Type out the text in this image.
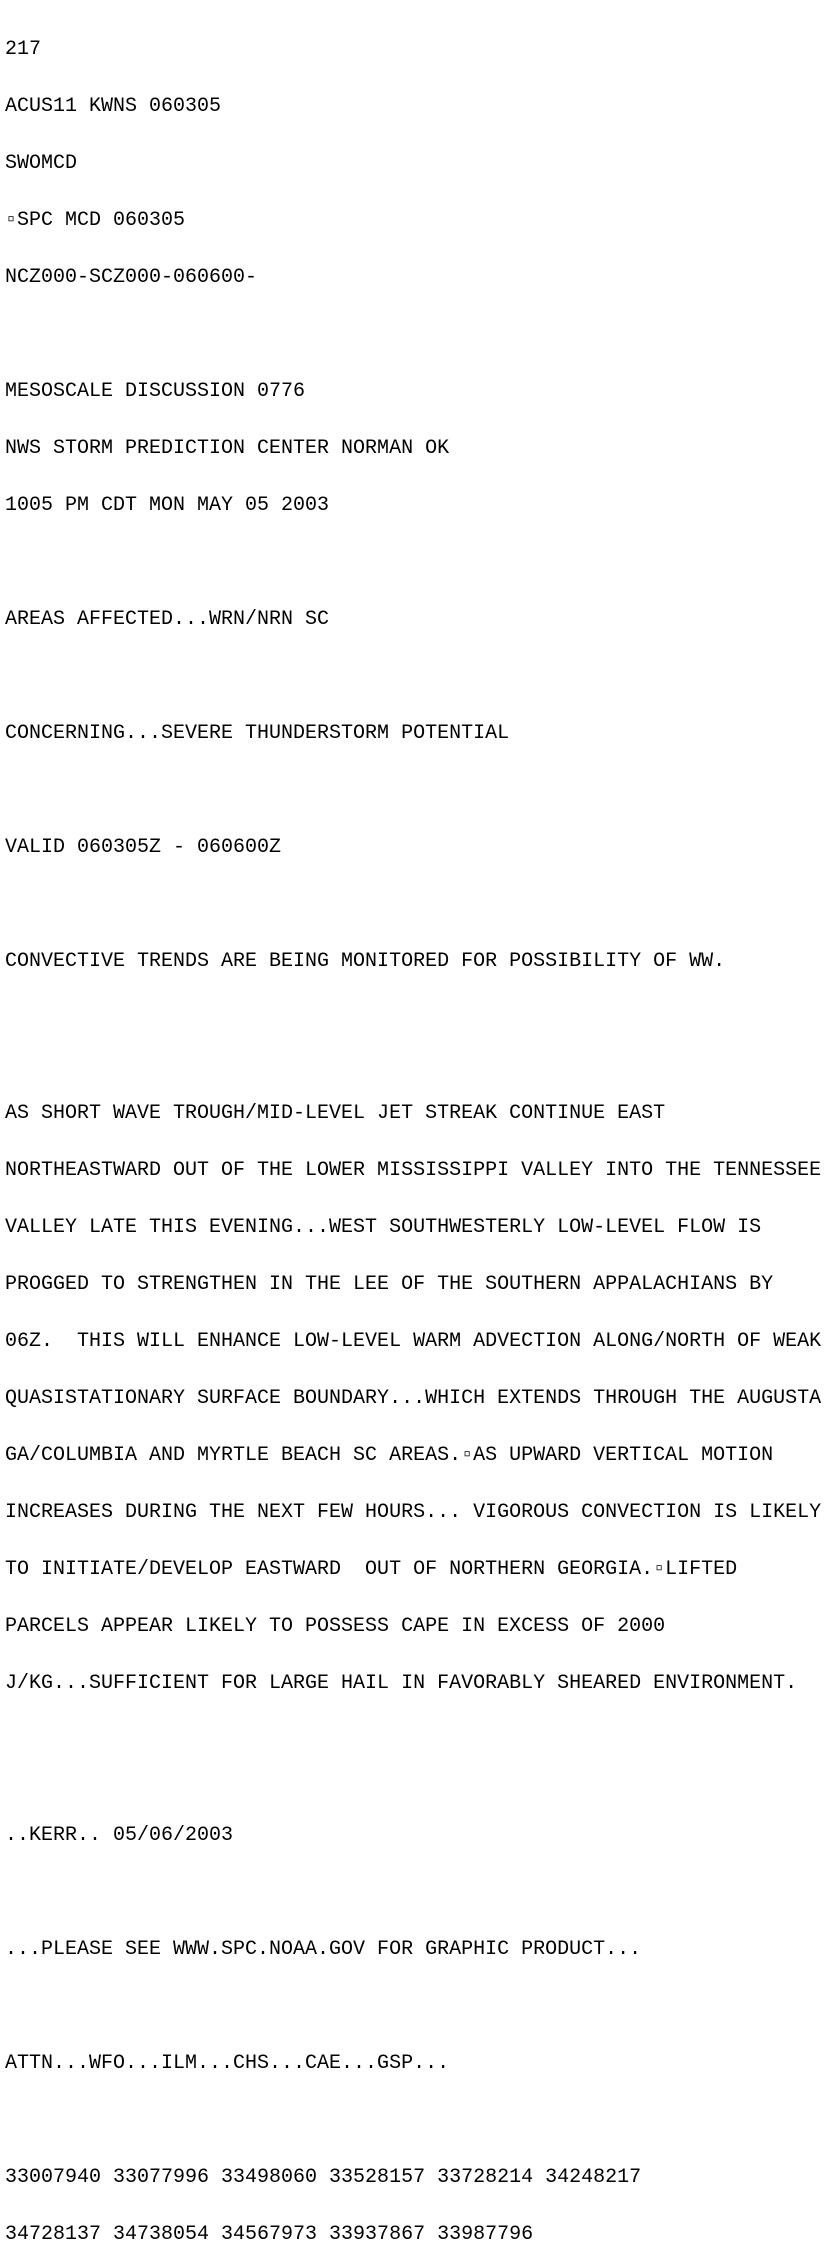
217

ACUS11 KWNS 060305

SWOMCD

▫SPC MCD 060305

NCZ000-SCZ000-060600-

MESOSCALE DISCUSSION 0776

NWS STORM PREDICTION CENTER NORMAN OK

1005 PM CDT MON MAY 05 2003

AREAS AFFECTED...WRN/NRN SC

CONCERNING...SEVERE THUNDERSTORM POTENTIAL

VALID 060305Z - 060600Z

CONVECTIVE TRENDS ARE BEING MONITORED FOR POSSIBILITY OF WW.

AS SHORT WAVE TROUGH/MID-LEVEL JET STREAK CONTINUE EAST

NORTHEASTWARD OUT OF THE LOWER MISSISSIPPI VALLEY INTO THE TENNESSEE

VALLEY LATE THIS EVENING...WEST SOUTHWESTERLY LOW-LEVEL FLOW IS

PROGGED TO STRENGTHEN IN THE LEE OF THE SOUTHERN APPALACHIANS BY

06Z.  THIS WILL ENHANCE LOW-LEVEL WARM ADVECTION ALONG/NORTH OF WEAK

QUASISTATIONARY SURFACE BOUNDARY...WHICH EXTENDS THROUGH THE AUGUSTA

GA/COLUMBIA AND MYRTLE BEACH SC AREAS.▫AS UPWARD VERTICAL MOTION

INCREASES DURING THE NEXT FEW HOURS... VIGOROUS CONVECTION IS LIKELY

TO INITIATE/DEVELOP EASTWARD  OUT OF NORTHERN GEORGIA.▫LIFTED

PARCELS APPEAR LIKELY TO POSSESS CAPE IN EXCESS OF 2000

J/KG...SUFFICIENT FOR LARGE HAIL IN FAVORABLY SHEARED ENVIRONMENT.

..KERR.. 05/06/2003

...PLEASE SEE WWW.SPC.NOAA.GOV FOR GRAPHIC PRODUCT...

ATTN...WFO...ILM...CHS...CAE...GSP...

33007940 33077996 33498060 33528157 33728214 34248217

34728137 34738054 34567973 33937867 33987796
